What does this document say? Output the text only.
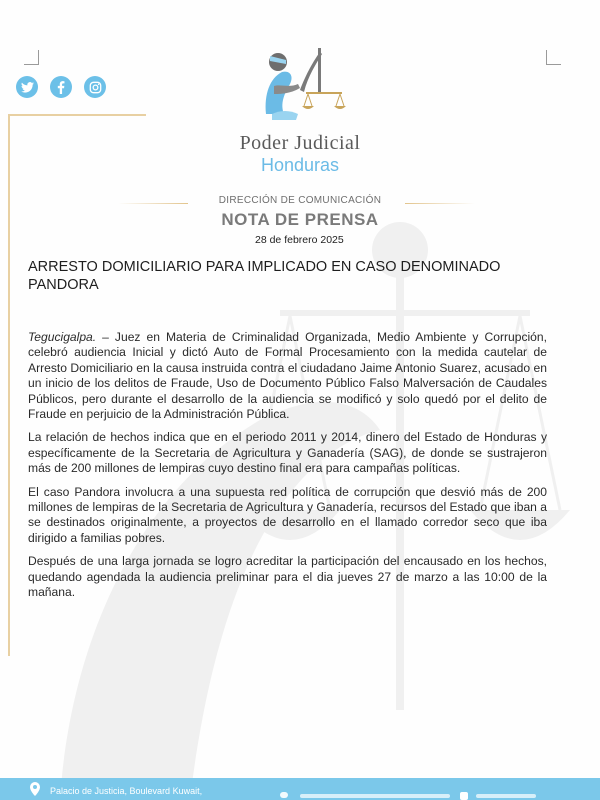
Poder Judicial
Honduras
DIRECCIÓN DE COMUNICACIÓN
NOTA DE PRENSA
28 de febrero 2025
ARRESTO DOMICILIARIO PARA IMPLICADO EN CASO DENOMINADO PANDORA

Tegucigalpa. – Juez en Materia de Criminalidad Organizada, Medio Ambiente y Corrupción, celebró audiencia Inicial y dictó Auto de Formal Procesamiento con la medida cautelar de Arresto Domiciliario en la causa instruida contra el ciudadano Jaime Antonio Suarez, acusado en un inicio de los delitos de Fraude, Uso de Documento Público Falso Malversación de Caudales Públicos, pero durante el desarrollo de la audiencia se modificó y solo quedó por el delito de Fraude en perjuicio de la Administración Pública.

La relación de hechos indica que en el periodo 2011 y 2014, dinero del Estado de Honduras y específicamente de la Secretaria de Agricultura y Ganadería (SAG), de donde se sustrajeron más de 200 millones de lempiras cuyo destino final era para campañas políticas.

El caso Pandora involucra a una supuesta red política de corrupción que desvió más de 200 millones de lempiras de la Secretaria de Agricultura y Ganadería, recursos del Estado que iban a se destinados originalmente, a proyectos de desarrollo en el llamado corredor seco que iba dirigido a familias pobres.

Después de una larga jornada se logro acreditar la participación del encausado en los hechos, quedando agendada la audiencia preliminar para el dia jueves 27 de marzo a las 10:00 de la mañana.

Palacio de Justicia, Boulevard Kuwait,
